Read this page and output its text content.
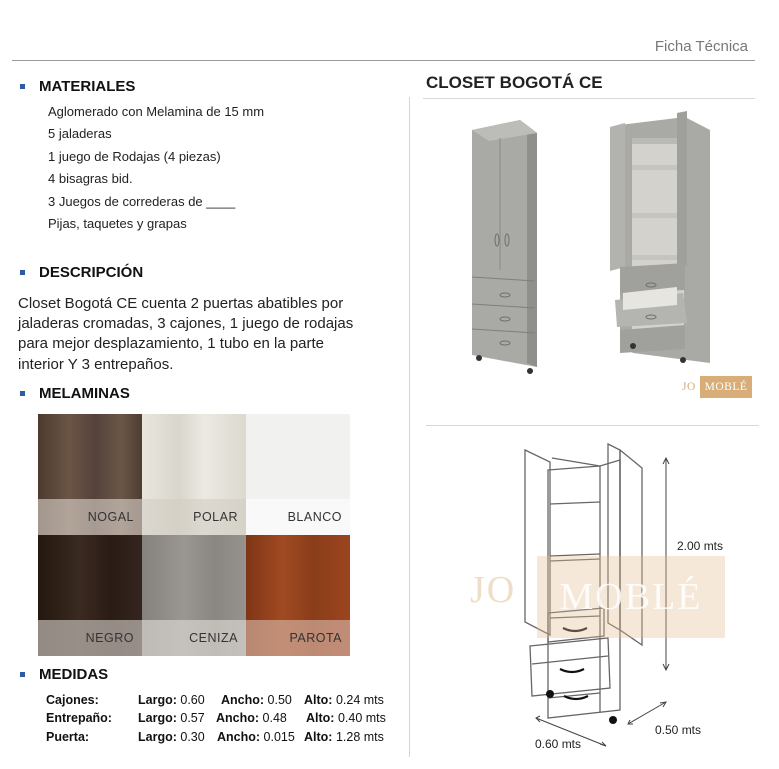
Ficha Técnica
MATERIALES
Aglomerado con Melamina de 15 mm
5 jaladeras
1 juego de Rodajas (4 piezas)
4 bisagras bid.
3 Juegos de correderas de ____
Pijas, taquetes y grapas
DESCRIPCIÓN
Closet Bogotá CE cuenta 2 puertas abatibles por
jaladeras cromadas, 3 cajones, 1 juego de rodajas
para mejor desplazamiento, 1 tubo en la parte
interior Y 3 entrepaños.
MELAMINAS
NOGAL	POLAR	BLANCO
NEGRO	CENIZA	PAROTA
MEDIDAS
Cajones:	Largo: 0.60 Ancho: 0.50 Alto: 0.24 mts
Entrepaño: Largo: 0.57 Ancho: 0.48 Alto: 0.40 mts
Puerta:	Largo: 0.30 Ancho: 0.015 Alto: 1.28 mts
CLOSET BOGOTÁ CE
JO MOBLÉ
JO	MOBLÉ
2.00 mts
0.50 mts
0.60 mts
